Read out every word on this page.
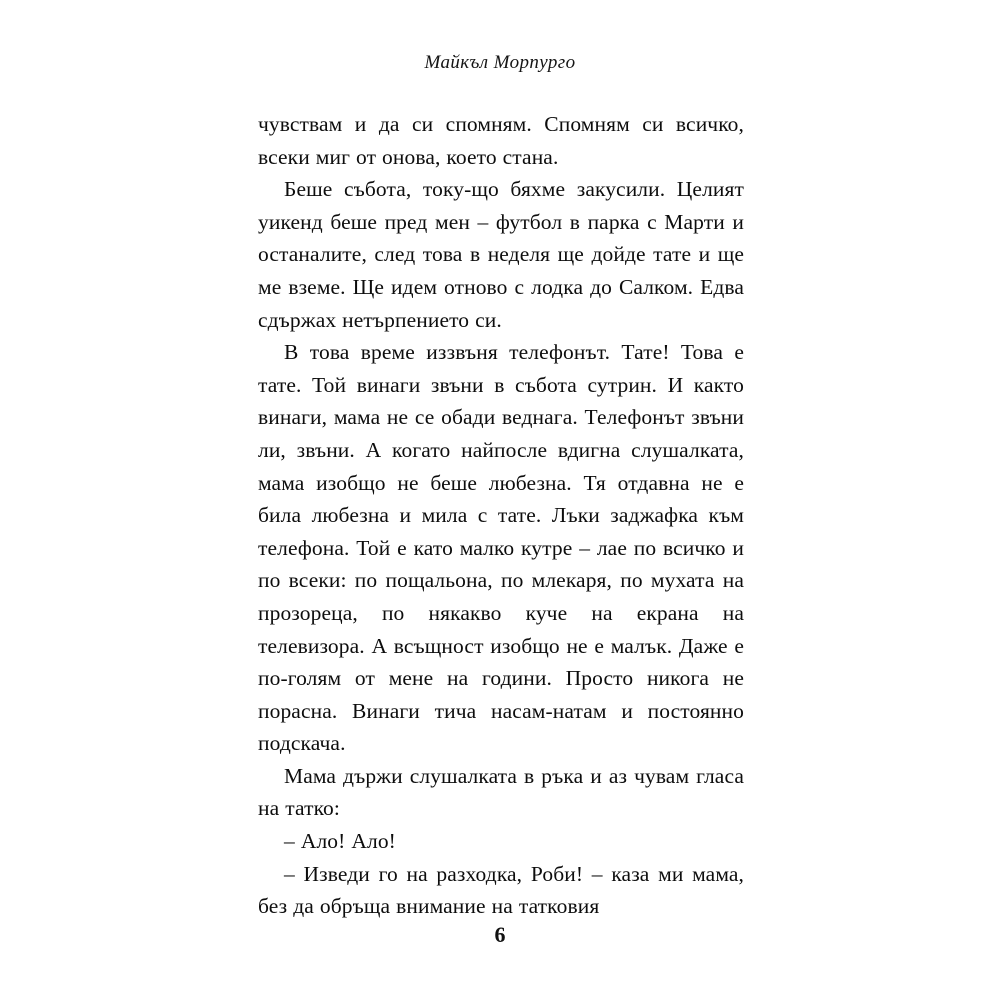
Майкъл Морпурго

чувствам и да си спомням. Спомням си всичко, всеки миг от онова, което стана.

Беше събота, току-що бяхме закусили. Целият уикенд беше пред мен – футбол в парка с Марти и останалите, след това в неделя ще дойде тате и ще ме вземе. Ще идем отново с лодка до Салком. Едва сдържах нетърпението си.

В това време иззвъня телефонът. Тате! Това е тате. Той винаги звъни в събота сутрин. И както винаги, мама не се обади веднага. Телефонът звъни ли, звъни. А когато найпосле вдигна слушалката, мама изобщо не беше любезна. Тя отдавна не е била любезна и мила с тате. Лъки заджафка към телефона. Той е като малко кутре – лае по всичко и по всеки: по пощальона, по млекаря, по мухата на прозореца, по някакво куче на екрана на телевизора. А всъщност изобщо не е малък. Даже е по-голям от мене на години. Просто никога не порасна. Винаги тича насам-натам и постоянно подскача.

Мама държи слушалката в ръка и аз чувам гласа на татко:

– Ало! Ало!

– Изведи го на разходка, Роби! – каза ми мама, без да обръща внимание на татковия

6
